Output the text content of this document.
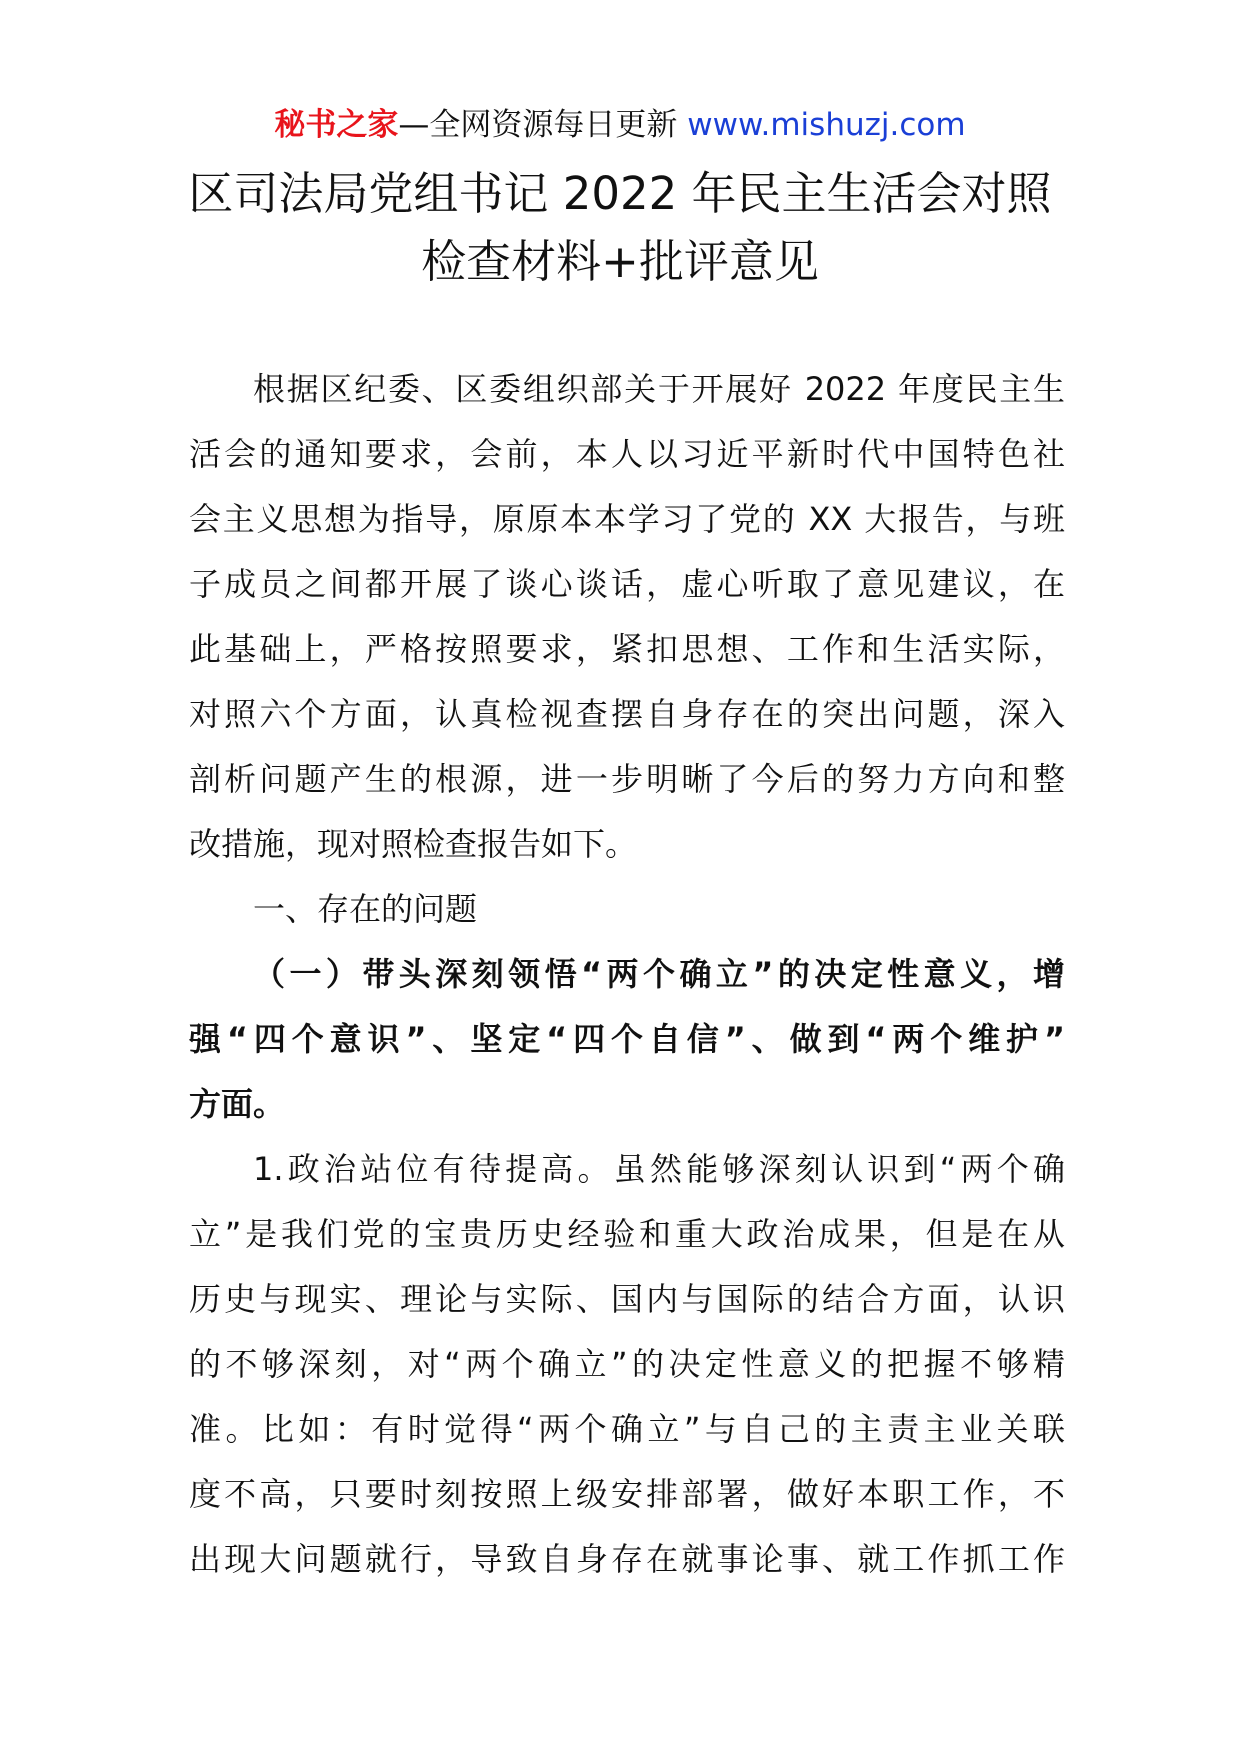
秘书之家—全网资源每日更新 www.mishuzj.com
区司法局党组书记 2022 年民主生活会对照
检查材料+批评意见
根据区纪委、区委组织部关于开展好 2022 年度民主生
活会的通知要求，会前，本人以习近平新时代中国特色社
会主义思想为指导，原原本本学习了党的 XX 大报告，与班
子成员之间都开展了谈心谈话，虚心听取了意见建议，在
此基础上，严格按照要求，紧扣思想、工作和生活实际，
对照六个方面，认真检视查摆自身存在的突出问题，深入
剖析问题产生的根源，进一步明晰了今后的努力方向和整
改措施，现对照检查报告如下。
一、存在的问题
（一）带头深刻领悟“两个确立”的决定性意义，增
强“四个意识”、坚定“四个自信”、做到“两个维护”
方面。
1.政治站位有待提高。虽然能够深刻认识到“两个确
立”是我们党的宝贵历史经验和重大政治成果，但是在从
历史与现实、理论与实际、国内与国际的结合方面，认识
的不够深刻，对“两个确立”的决定性意义的把握不够精
准。比如：有时觉得“两个确立”与自己的主责主业关联
度不高，只要时刻按照上级安排部署，做好本职工作，不
出现大问题就行，导致自身存在就事论事、就工作抓工作
